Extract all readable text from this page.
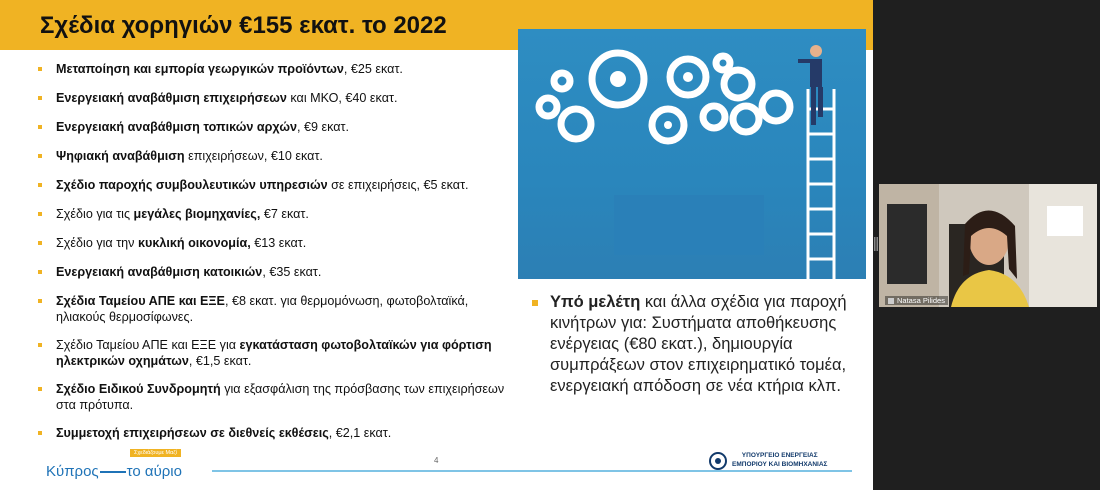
Σχέδια χορηγιών €155 εκατ. το 2022
Μεταποίηση και εμπορία γεωργικών προϊόντων, €25 εκατ.
Ενεργειακή αναβάθμιση επιχειρήσεων και ΜΚΟ, €40 εκατ.
Ενεργειακή αναβάθμιση τοπικών αρχών, €9 εκατ.
Ψηφιακή αναβάθμιση επιχειρήσεων, €10 εκατ.
Σχέδιο παροχής συμβουλευτικών υπηρεσιών σε επιχειρήσεις, €5 εκατ.
Σχέδιο για τις μεγάλες βιομηχανίες, €7 εκατ.
Σχέδιο για την κυκλική οικονομία, €13 εκατ.
Ενεργειακή αναβάθμιση κατοικιών, €35 εκατ.
Σχέδια Ταμείου ΑΠΕ και ΕΞΕ, €8 εκατ. για θερμομόνωση, φωτοβολταϊκά, ηλιακούς θερμοσίφωνες.
Σχέδιο Ταμείου ΑΠΕ και ΕΞΕ για εγκατάσταση φωτοβολταϊκών για φόρτιση ηλεκτρικών οχημάτων, €1,5 εκατ.
Σχέδιο Ειδικού Συνδρομητή για εξασφάλιση της πρόσβασης των επιχειρήσεων στα πρότυπα.
Συμμετοχή επιχειρήσεων σε διεθνείς εκθέσεις, €2,1 εκατ.
Υπό μελέτη και άλλα σχέδια για παροχή κινήτρων για: Συστήματα αποθήκευσης ενέργειας (€80 εκατ.), δημιουργία συμπράξεων στον επιχειρηματικό τομέα, ενεργειακή απόδοση σε νέα κτήρια κλπ.
Σχεδιάζουμε Μαζί
Κύπρος το αύριο
4
ΥΠΟΥΡΓΕΙΟ ΕΝΕΡΓΕΙΑΣ
ΕΜΠΟΡΙΟΥ ΚΑΙ ΒΙΟΜΗΧΑΝΙΑΣ
Natasa Pilides
